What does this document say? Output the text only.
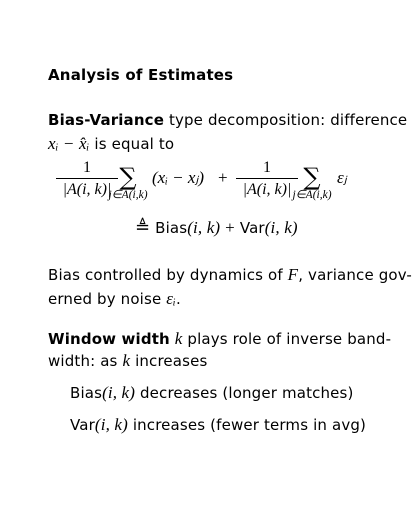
Analysis of Estimates
Bias-Variance type decomposition: difference
xᵢ − x̂ᵢ is equal to
1
|A(i, k)| ∑
j∈A(i,k)
(xᵢ − xⱼ) +
1
|A(i, k)| ∑
j∈A(i,k)
εⱼ
≜ Bias(i, k) + Var(i, k)
Bias controlled by dynamics of F, variance gov-
erned by noise εᵢ.
Window width k plays role of inverse band-
width: as k increases
Bias(i, k) decreases (longer matches)
Var(i, k) increases (fewer terms in avg)
